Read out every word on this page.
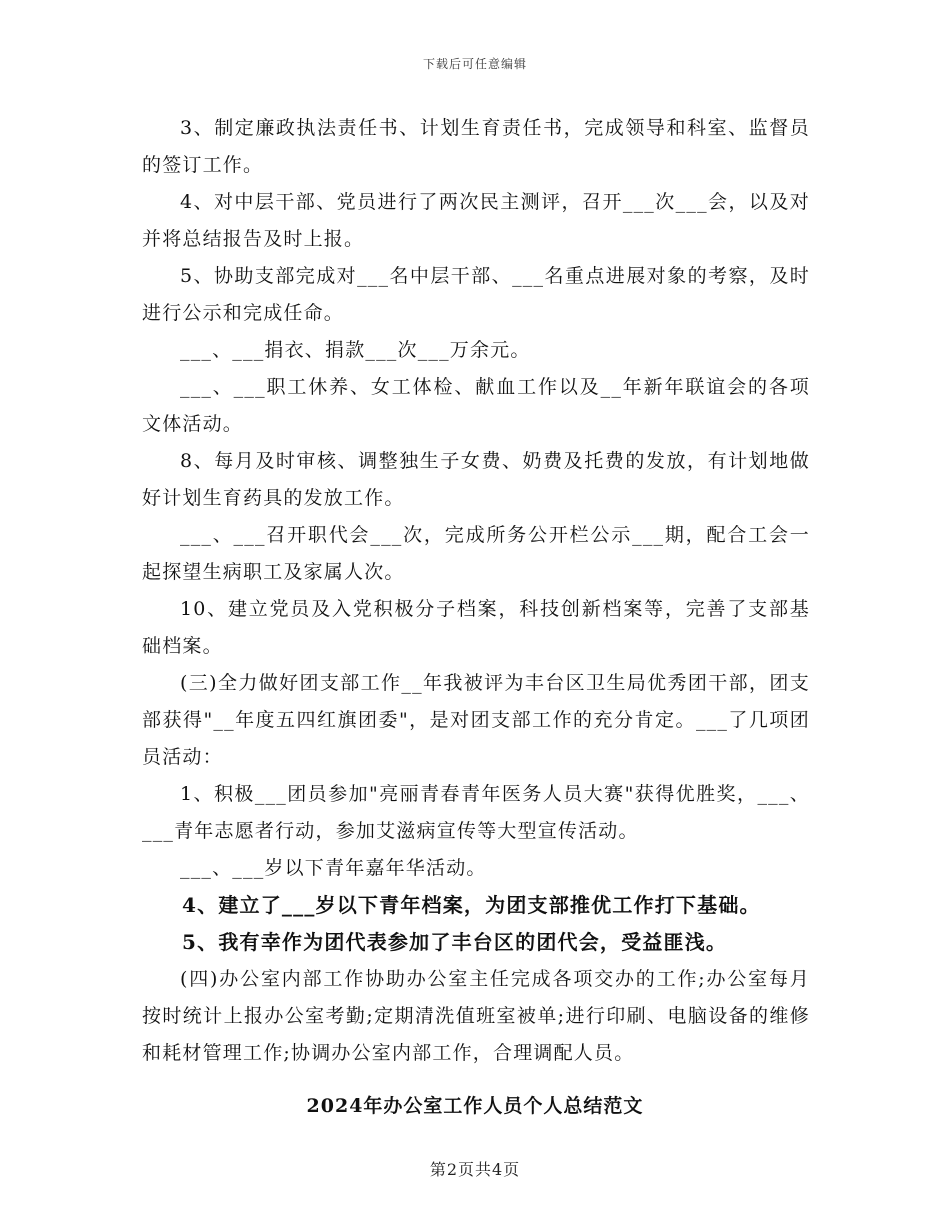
下载后可任意编辑

3、制定廉政执法责任书、计划生育责任书，完成领导和科室、监督员的签订工作。

4、对中层干部、党员进行了两次民主测评，召开___次___会，以及对并将总结报告及时上报。

5、协助支部完成对___名中层干部、___名重点进展对象的考察，及时进行公示和完成任命。

___、___捐衣、捐款___次___万余元。

___、___职工休养、女工体检、献血工作以及__年新年联谊会的各项文体活动。

8、每月及时审核、调整独生子女费、奶费及托费的发放，有计划地做好计划生育药具的发放工作。

___、___召开职代会___次，完成所务公开栏公示___期，配合工会一起探望生病职工及家属人次。

10、建立党员及入党积极分子档案，科技创新档案等，完善了支部基础档案。

(三)全力做好团支部工作__年我被评为丰台区卫生局优秀团干部，团支部获得"__年度五四红旗团委"，是对团支部工作的充分肯定。___了几项团员活动：

1、积极___团员参加"亮丽青春青年医务人员大赛"获得优胜奖，___、___青年志愿者行动，参加艾滋病宣传等大型宣传活动。

___、___岁以下青年嘉年华活动。

4、建立了___岁以下青年档案，为团支部推优工作打下基础。

5、我有幸作为团代表参加了丰台区的团代会，受益匪浅。

(四)办公室内部工作协助办公室主任完成各项交办的工作;办公室每月按时统计上报办公室考勤;定期清洗值班室被单;进行印刷、电脑设备的维修和耗材管理工作;协调办公室内部工作，合理调配人员。

2024年办公室工作人员个人总结范文
第2页共4页
